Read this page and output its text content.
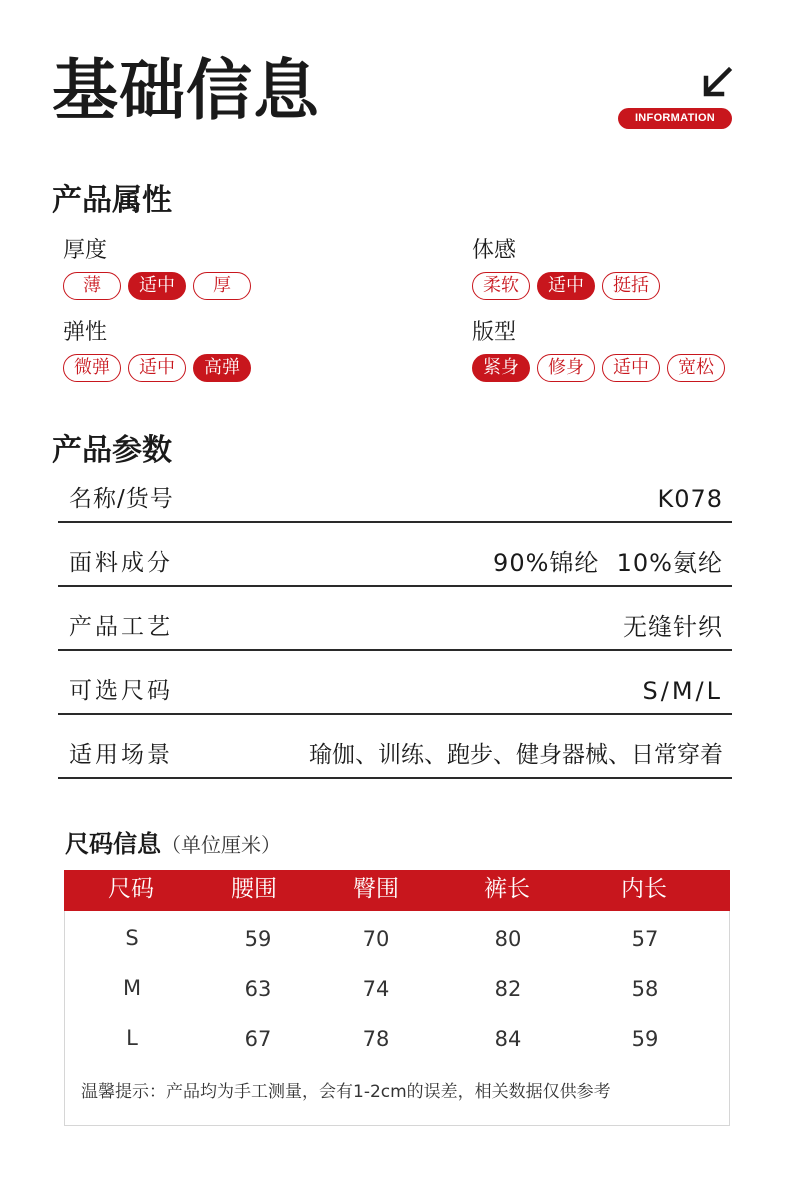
基础信息	INFORMATION
产品属性
厚度
薄	适中	厚
体感
柔软	适中	挺括
弹性
微弹	适中	高弹
版型
紧身	修身	适中	宽松
产品参数
名称/货号	K078
面料成分	90%锦纶  10%氨纶
产品工艺	无缝针织
可选尺码	S/M/L
适用场景	瑜伽、训练、跑步、健身器械、日常穿着
尺码信息（单位厘米）
尺码	腰围	臀围	裤长	内长
S	59	70	80	57
M	63	74	82	58
L	67	78	84	59
温馨提示：产品均为手工测量，会有1-2cm的误差，相关数据仅供参考
